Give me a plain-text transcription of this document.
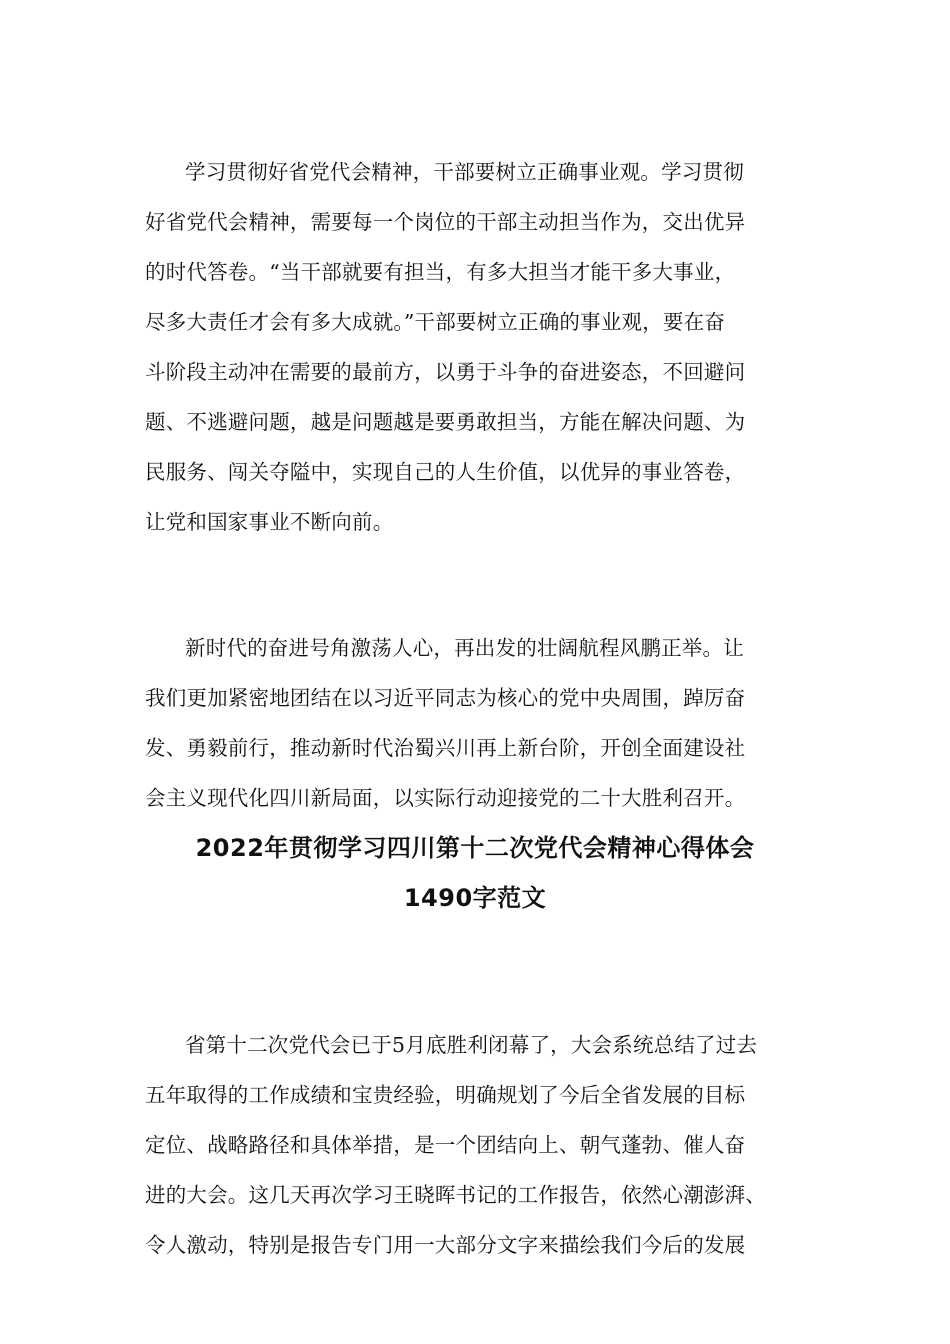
学习贯彻好省党代会精神，干部要树立正确事业观。学习贯彻
好省党代会精神，需要每一个岗位的干部主动担当作为，交出优异
的时代答卷。“当干部就要有担当，有多大担当才能干多大事业，
尽多大责任才会有多大成就。”干部要树立正确的事业观，要在奋
斗阶段主动冲在需要的最前方，以勇于斗争的奋进姿态，不回避问
题、不逃避问题，越是问题越是要勇敢担当，方能在解决问题、为
民服务、闯关夺隘中，实现自己的人生价值，以优异的事业答卷，
让党和国家事业不断向前。
新时代的奋进号角激荡人心，再出发的壮阔航程风鹏正举。让
我们更加紧密地团结在以习近平同志为核心的党中央周围，踔厉奋
发、勇毅前行，推动新时代治蜀兴川再上新台阶，开创全面建设社
会主义现代化四川新局面，以实际行动迎接党的二十大胜利召开。
2022年贯彻学习四川第十二次党代会精神心得体会
1490字范文
省第十二次党代会已于5月底胜利闭幕了，大会系统总结了过去
五年取得的工作成绩和宝贵经验，明确规划了今后全省发展的目标
定位、战略路径和具体举措，是一个团结向上、朝气蓬勃、催人奋
进的大会。这几天再次学习王晓晖书记的工作报告，依然心潮澎湃、
令人激动，特别是报告专门用一大部分文字来描绘我们今后的发展
